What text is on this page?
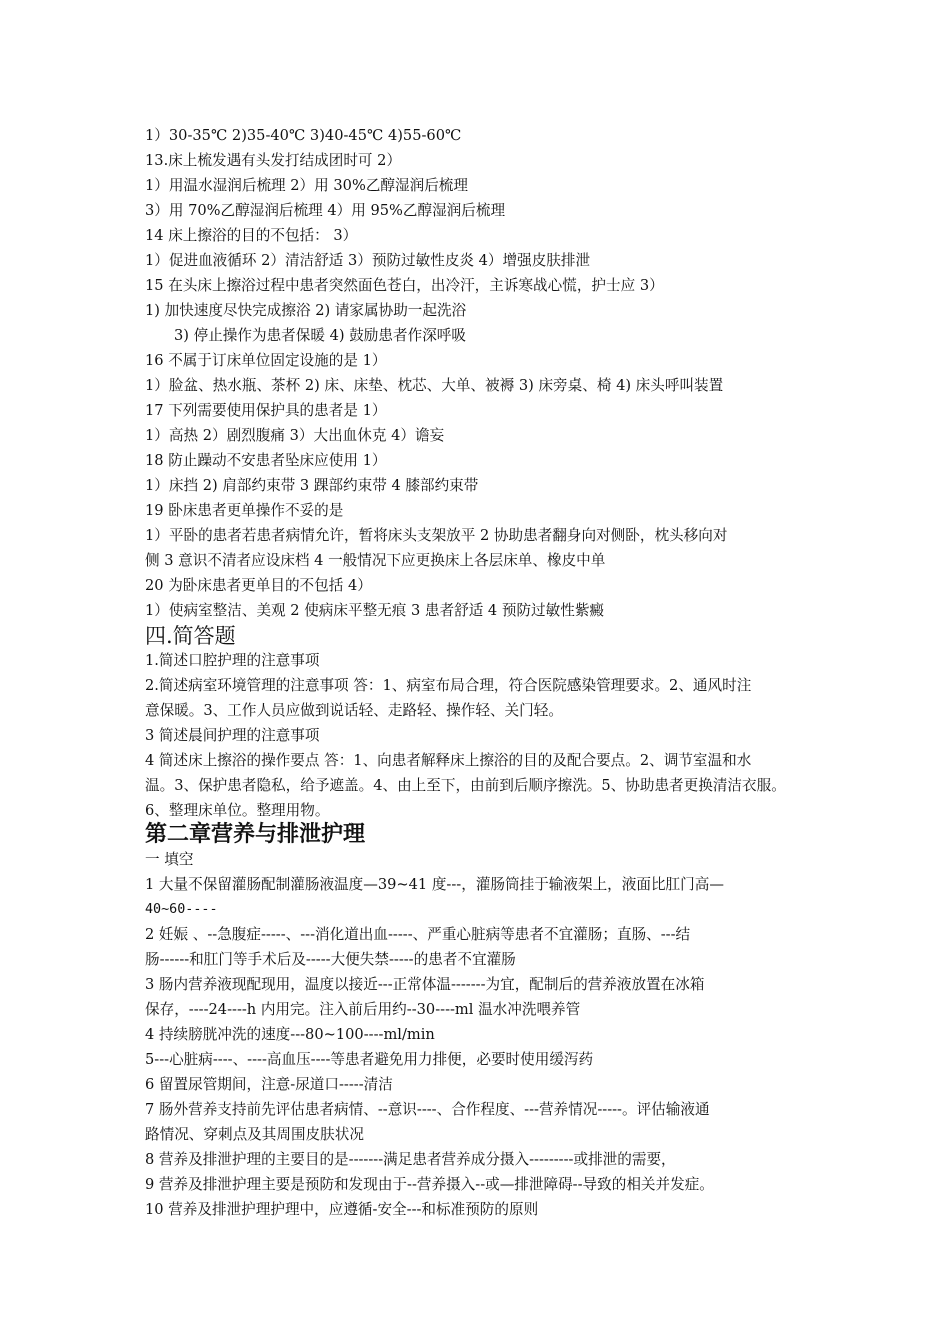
1）30-35℃ 2)35-40℃ 3)40-45℃ 4)55-60℃
13.床上梳发遇有头发打结成团时可 2）
1）用温水湿润后梳理 2）用 30%乙醇湿润后梳理
3）用 70%乙醇湿润后梳理 4）用 95%乙醇湿润后梳理
14 床上擦浴的目的不包括： 3）
1）促进血液循环 2）清洁舒适 3）预防过敏性皮炎 4）增强皮肤排泄
15 在头床上擦浴过程中患者突然面色苍白，出冷汗，主诉寒战心慌，护士应 3）
1) 加快速度尽快完成擦浴 2) 请家属协助一起洗浴
3) 停止操作为患者保暖 4) 鼓励患者作深呼吸
16 不属于订床单位固定设施的是 1）
1）脸盆、热水瓶、茶杯 2) 床、床垫、枕芯、大单、被褥 3) 床旁桌、椅 4) 床头呼叫装置
17 下列需要使用保护具的患者是 1）
1）高热 2）剧烈腹痛 3）大出血休克 4）谵妄
18 防止躁动不安患者坠床应使用 1）
1）床挡 2) 肩部约束带 3 踝部约束带 4 膝部约束带
19 卧床患者更单操作不妥的是
1）平卧的患者若患者病情允许，暂将床头支架放平 2 协助患者翻身向对侧卧，枕头移向对
侧 3 意识不清者应设床档 4 一般情况下应更换床上各层床单、橡皮中单
20 为卧床患者更单目的不包括 4）
1）使病室整洁、美观 2 使病床平整无痕 3 患者舒适 4 预防过敏性紫癜
四.简答题
1.简述口腔护理的注意事项
2.简述病室环境管理的注意事项 答：1、病室布局合理，符合医院感染管理要求。2、通风时注
意保暖。3、工作人员应做到说话轻、走路轻、操作轻、关门轻。
3 简述晨间护理的注意事项
4 简述床上擦浴的操作要点 答：1、向患者解释床上擦浴的目的及配合要点。2、调节室温和水
温。3、保护患者隐私，给予遮盖。4、由上至下，由前到后顺序擦洗。5、协助患者更换清洁衣服。
6、整理床单位。整理用物。
第二章营养与排泄护理
一 填空
1 大量不保留灌肠配制灌肠液温度—39~41 度---，灌肠筒挂于输液架上，液面比肛门高—
40~60----
2 妊娠 、--急腹症-----、---消化道出血-----、严重心脏病等患者不宜灌肠；直肠、---结
肠------和肛门等手术后及-----大便失禁-----的患者不宜灌肠
3 肠内营养液现配现用，温度以接近---正常体温-------为宜，配制后的营养液放置在冰箱
保存，----24----h 内用完。注入前后用约--30----ml 温水冲洗喂养管
4 持续膀胱冲洗的速度---80~100----ml/min
5---心脏病----、----高血压----等患者避免用力排便，必要时使用缓泻药
6 留置尿管期间，注意-尿道口-----清洁
7 肠外营养支持前先评估患者病情、--意识----、合作程度、---营养情况-----。评估输液通
路情况、穿刺点及其周围皮肤状况
8 营养及排泄护理的主要目的是-------满足患者营养成分摄入---------或排泄的需要，
9 营养及排泄护理主要是预防和发现由于--营养摄入--或—排泄障碍--导致的相关并发症。
10 营养及排泄护理护理中，应遵循-安全---和标准预防的原则
